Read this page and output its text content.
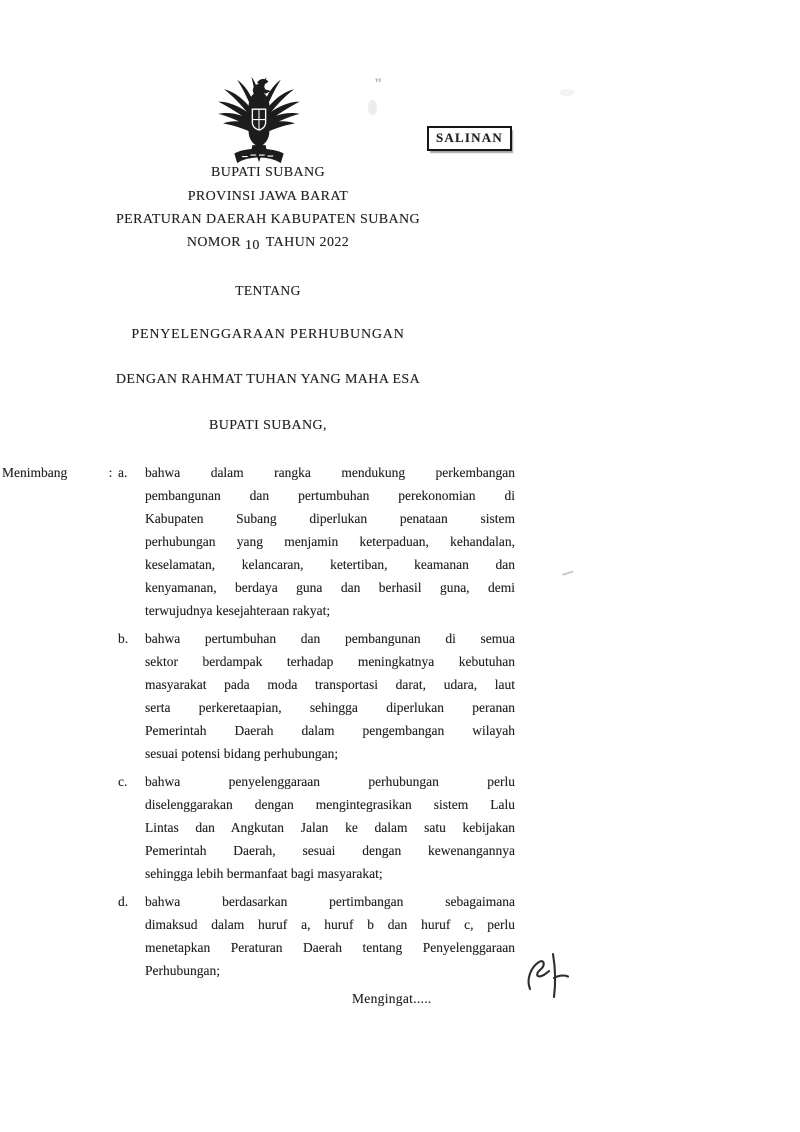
SALINAN
BUPATI SUBANG
PROVINSI JAWA BARAT
PERATURAN DAERAH KABUPATEN SUBANG
NOMOR 10 TAHUN 2022
TENTANG
PENYELENGGARAAN PERHUBUNGAN
DENGAN RAHMAT TUHAN YANG MAHA ESA
BUPATI SUBANG,
Menimbang	: a.	bahwa dalam rangka mendukung perkembangan
pembangunan dan pertumbuhan perekonomian di
Kabupaten Subang diperlukan penataan sistem
perhubungan yang menjamin keterpaduan, kehandalan,
keselamatan, kelancaran, ketertiban, keamanan dan
kenyamanan, berdaya guna dan berhasil guna, demi
terwujudnya kesejahteraan rakyat;
b.	bahwa pertumbuhan dan pembangunan di semua
sektor berdampak terhadap meningkatnya kebutuhan
masyarakat pada moda transportasi darat, udara, laut
serta perkeretaapian, sehingga diperlukan peranan
Pemerintah Daerah dalam pengembangan wilayah
sesuai potensi bidang perhubungan;
c.	bahwa penyelenggaraan perhubungan perlu
diselenggarakan dengan mengintegrasikan sistem Lalu
Lintas dan Angkutan Jalan ke dalam satu kebijakan
Pemerintah Daerah, sesuai dengan kewenangannya
sehingga lebih bermanfaat bagi masyarakat;
d.	bahwa berdasarkan pertimbangan sebagaimana
dimaksud dalam huruf a, huruf b dan huruf c, perlu
menetapkan Peraturan Daerah tentang Penyelenggaraan
Perhubungan;
Mengingat.....
"
